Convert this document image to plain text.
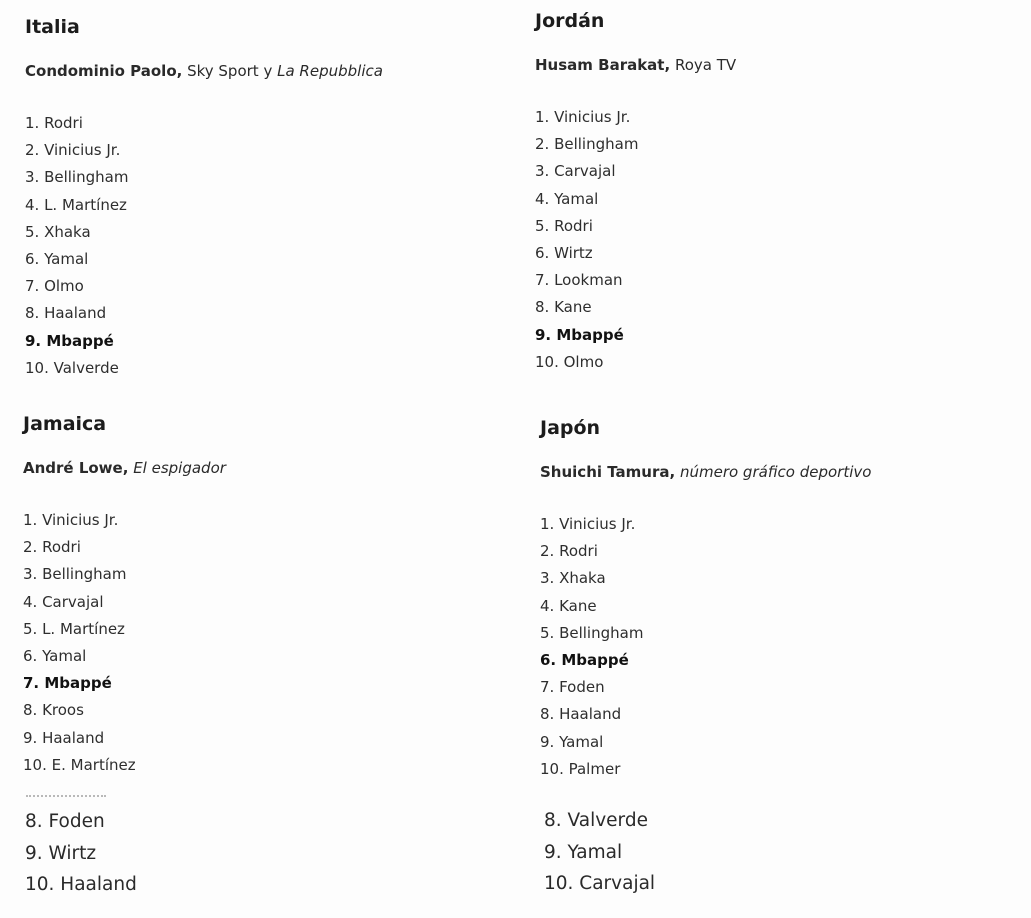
Italia

Condominio Paolo, Sky Sport y La Repubblica

1. Rodri
2. Vinicius Jr.
3. Bellingham
4. L. Martínez
5. Xhaka
6. Yamal
7. Olmo
8. Haaland
9. Mbappé
10. Valverde
Jordán

Husam Barakat, Roya TV

1. Vinicius Jr.
2. Bellingham
3. Carvajal
4. Yamal
5. Rodri
6. Wirtz
7. Lookman
8. Kane
9. Mbappé
10. Olmo
Jamaica

André Lowe, El espigador

1. Vinicius Jr.
2. Rodri
3. Bellingham
4. Carvajal
5. L. Martínez
6. Yamal
7. Mbappé
8. Kroos
9. Haaland
10. E. Martínez
Japón

Shuichi Tamura, número gráfico deportivo

1. Vinicius Jr.
2. Rodri
3. Xhaka
4. Kane
5. Bellingham
6. Mbappé
7. Foden
8. Haaland
9. Yamal
10. Palmer
8. Foden
9. Wirtz
10. Haaland
8. Valverde
9. Yamal
10. Carvajal
